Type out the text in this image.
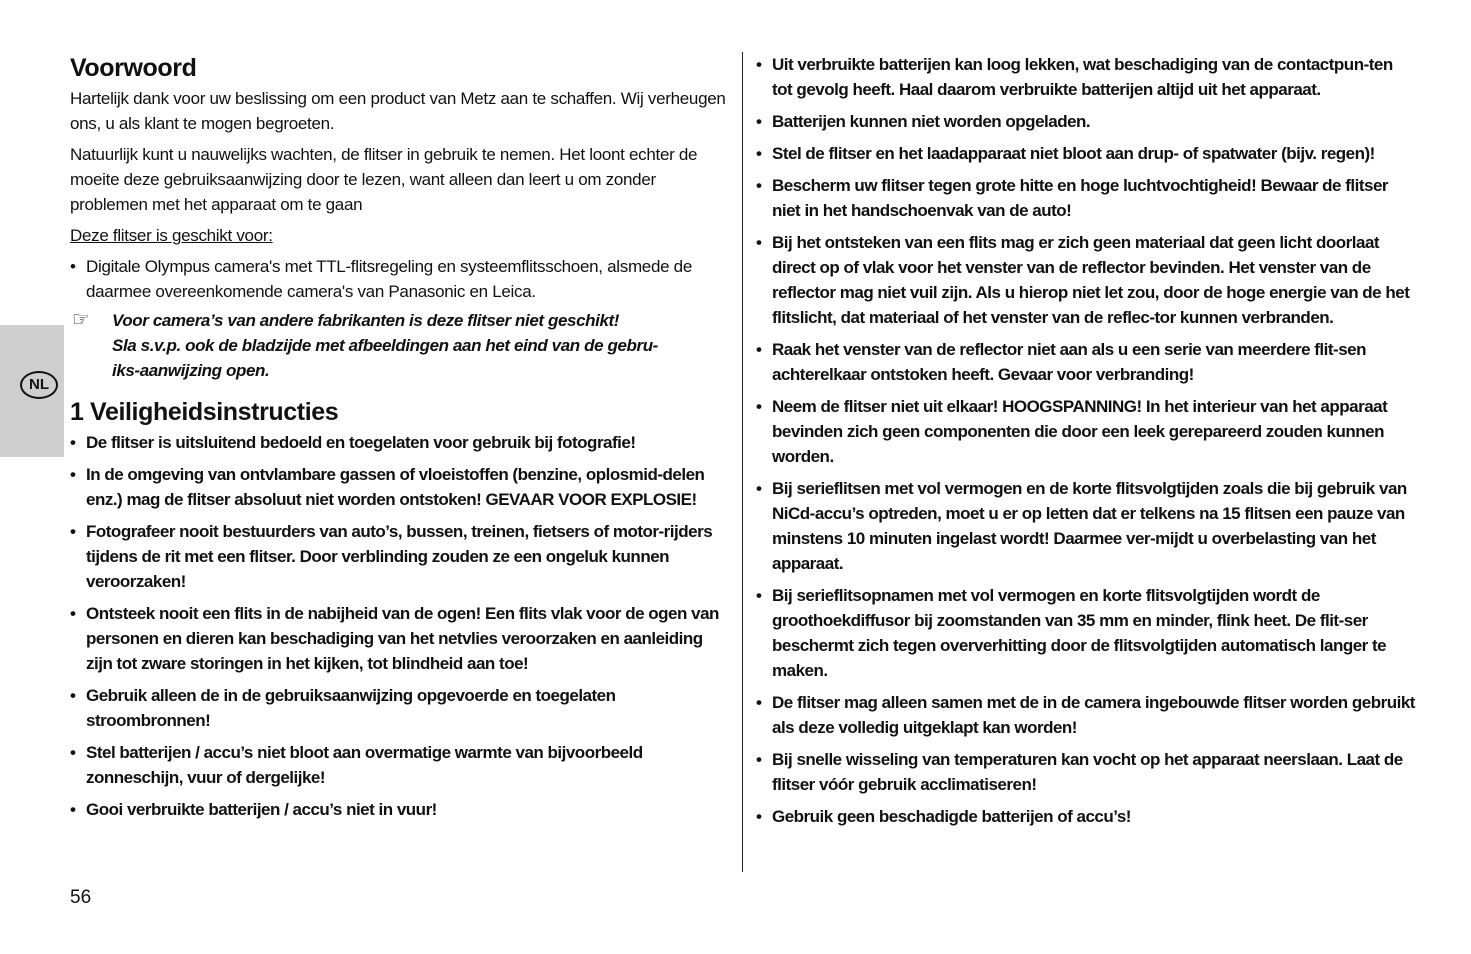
NL
Voorwoord

Hartelijk dank voor uw beslissing om een product van Metz aan te schaffen. Wij verheugen ons, u als klant te mogen begroeten.

Natuurlijk kunt u nauwelijks wachten, de flitser in gebruik te nemen. Het loont echter de moeite deze gebruiksaanwijzing door te lezen, want alleen dan leert u om zonder problemen met het apparaat om te gaan

Deze flitser is geschikt voor:
• Digitale Olympus camera's met TTL-flitsregeling en systeemflitsschoen, alsmede de daarmee overeenkomende camera's van Panasonic en Leica.
☞ Voor camera’s van andere fabrikanten is deze flitser niet geschikt!
Sla s.v.p. ook de bladzijde met afbeeldingen aan het eind van de gebru-
iks-aanwijzing open.
1 Veiligheidsinstructies
• De flitser is uitsluitend bedoeld en toegelaten voor gebruik bij fotografie!
• In de omgeving van ontvlambare gassen of vloeistoffen (benzine, oplosmid-delen enz.) mag de flitser absoluut niet worden ontstoken! GEVAAR VOOR EXPLOSIE!
• Fotografeer nooit bestuurders van auto’s, bussen, treinen, fietsers of motor-rijders tijdens de rit met een flitser. Door verblinding zouden ze een ongeluk kunnen veroorzaken!
• Ontsteek nooit een flits in de nabijheid van de ogen! Een flits vlak voor de ogen van personen en dieren kan beschadiging van het netvlies veroorzaken en aanleiding zijn tot zware storingen in het kijken, tot blindheid aan toe!
• Gebruik alleen de in de gebruiksaanwijzing opgevoerde en toegelaten stroombronnen!
• Stel batterijen / accu’s niet bloot aan overmatige warmte van bijvoorbeeld zonneschijn, vuur of dergelijke!
• Gooi verbruikte batterijen / accu’s niet in vuur!
• Uit verbruikte batterijen kan loog lekken, wat beschadiging van de contactpun-ten tot gevolg heeft. Haal daarom verbruikte batterijen altijd uit het apparaat.
• Batterijen kunnen niet worden opgeladen.
• Stel de flitser en het laadapparaat niet bloot aan drup- of spatwater (bijv. regen)!
• Bescherm uw flitser tegen grote hitte en hoge luchtvochtigheid! Bewaar de flitser niet in het handschoenvak van de auto!
• Bij het ontsteken van een flits mag er zich geen materiaal dat geen licht doorlaat direct op of vlak voor het venster van de reflector bevinden. Het venster van de reflector mag niet vuil zijn. Als u hierop niet let zou, door de hoge energie van de het flitslicht, dat materiaal of het venster van de reflec-tor kunnen verbranden.
• Raak het venster van de reflector niet aan als u een serie van meerdere flit-sen achterelkaar ontstoken heeft. Gevaar voor verbranding!
• Neem de flitser niet uit elkaar! HOOGSPANNING! In het interieur van het apparaat bevinden zich geen componenten die door een leek gerepareerd zouden kunnen worden.
• Bij serieflitsen met vol vermogen en de korte flitsvolgtijden zoals die bij gebruik van NiCd-accu’s optreden, moet u er op letten dat er telkens na 15 flitsen een pauze van minstens 10 minuten ingelast wordt! Daarmee ver-mijdt u overbelasting van het apparaat.
• Bij serieflitsopnamen met vol vermogen en korte flitsvolgtijden wordt de groothoekdiffusor bij zoomstanden van 35 mm en minder, flink heet. De flit-ser beschermt zich tegen oververhitting door de flitsvolgtijden automatisch langer te maken.
• De flitser mag alleen samen met de in de camera ingebouwde flitser worden gebruikt als deze volledig uitgeklapt kan worden!
• Bij snelle wisseling van temperaturen kan vocht op het apparaat neerslaan. Laat de flitser vóór gebruik acclimatiseren!
• Gebruik geen beschadigde batterijen of accu’s!
56
